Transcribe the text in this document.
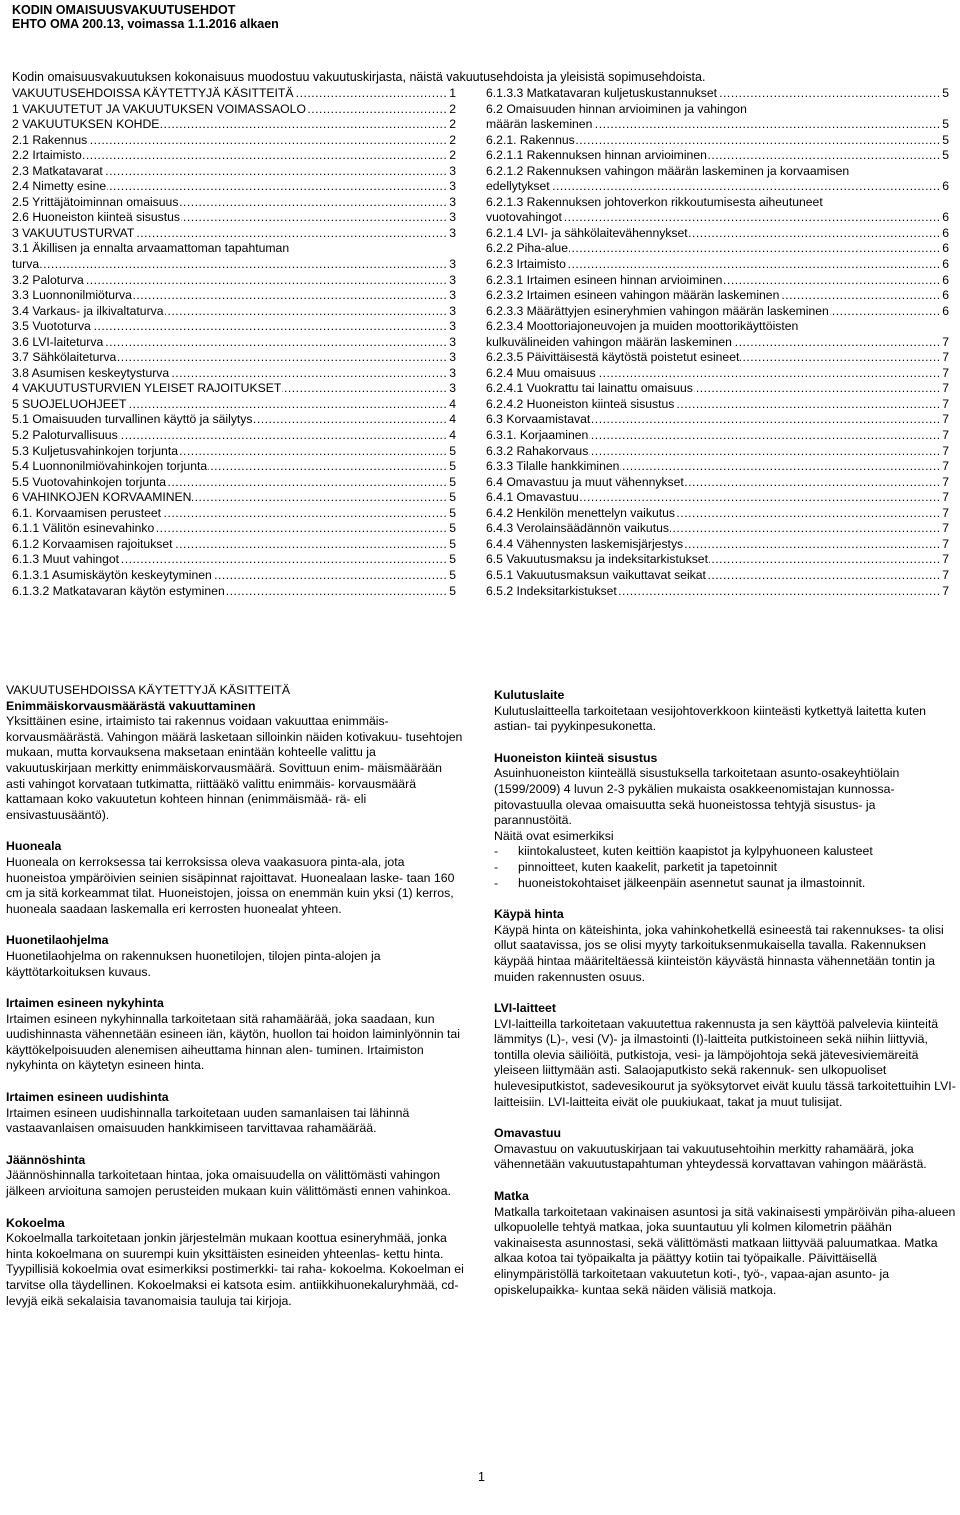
KODIN OMAISUUSVAKUUTUSEHDOT
EHTO OMA 200.13, voimassa 1.1.2016 alkaen
Kodin omaisuusvakuutuksen kokonaisuus muodostuu vakuutuskirjasta, näistä vakuutusehdoista ja yleisistä sopimusehdoista.
VAKUUTUSEHDOISSA KÄYTETTYJÄ KÄSITTEITÄ	1
.....
1 VAKUUTETUT JA VAKUUTUKSEN VOIMASSAOLO	2
.....
2 VAKUUTUKSEN KOHDE	2
.....
2.1 Rakennus	2
.....
2.2 Irtaimisto	2
.....
2.3 Matkatavarat	3
.....
2.4 Nimetty esine	3
.....
2.5 Yrittäjätoiminnan omaisuus	3
.....
2.6 Huoneiston kiinteä sisustus	3
.....
3 VAKUUTUSTURVAT	3
.....
3.1 Äkillisen ja ennalta arvaamattoman tapahtuman
turva	3
.....
3.2 Paloturva	3
.....
3.3 Luonnonilmiöturva	3
.....
3.4 Varkaus- ja ilkivaltaturva	3
.....
3.5 Vuototurva	3
.....
3.6 LVI-laiteturva	3
.....
3.7 Sähkölaiteturva	3
.....
3.8 Asumisen keskeytysturva	3
.....
4 VAKUUTUSTURVIEN YLEISET RAJOITUKSET	3
.....
5 SUOJELUOHJEET	4
.....
5.1 Omaisuuden turvallinen käyttö ja säilytys	4
.....
5.2 Paloturvallisuus	4
.....
5.3 Kuljetusvahinkojen torjunta	5
.....
5.4 Luonnonilmiövahinkojen torjunta	5
.....
5.5 Vuotovahinkojen torjunta	5
.....
6 VAHINKOJEN KORVAAMINEN	5
.....
6.1. Korvaamisen perusteet	5
.....
6.1.1 Välitön esinevahinko	5
.....
6.1.2 Korvaamisen rajoitukset	5
.....
6.1.3 Muut vahingot	5
.....
6.1.3.1 Asumiskäytön keskeytyminen	5
.....
6.1.3.2 Matkatavaran käytön estyminen	5
.....
6.1.3.3 Matkatavaran kuljetuskustannukset	5
.....
6.2 Omaisuuden hinnan arvioiminen ja vahingon
määrän laskeminen	5
.....
6.2.1. Rakennus	5
.....
6.2.1.1 Rakennuksen hinnan arvioiminen	5
.....
6.2.1.2 Rakennuksen vahingon määrän laskeminen ja korvaamisen
edellytykset	6
.....
6.2.1.3 Rakennuksen johtoverkon rikkoutumisesta aiheutuneet
vuotovahingot	6
.....
6.2.1.4 LVI- ja sähkölaitevähennykset	6
.....
6.2.2 Piha-alue	6
.....
6.2.3 Irtaimisto	6
.....
6.2.3.1 Irtaimen esineen hinnan arvioiminen	6
.....
6.2.3.2 Irtaimen esineen vahingon määrän laskeminen	6
.....
6.2.3.3 Määrättyjen esineryhmien vahingon määrän laskeminen	6
.....
6.2.3.4 Moottoriajoneuvojen ja muiden moottorikäyttöisten
kulkuvälineiden vahingon määrän laskeminen	7
.....
6.2.3.5 Päivittäisestä käytöstä poistetut esineet	7
.....
6.2.4 Muu omaisuus	7
.....
6.2.4.1 Vuokrattu tai lainattu omaisuus	7
.....
6.2.4.2 Huoneiston kiinteä sisustus	7
.....
6.3 Korvaamistavat	7
.....
6.3.1. Korjaaminen	7
.....
6.3.2 Rahakorvaus	7
.....
6.3.3 Tilalle hankkiminen	7
.....
6.4 Omavastuu ja muut vähennykset	7
.....
6.4.1 Omavastuu	7
.....
6.4.2 Henkilön menettelyn vaikutus	7
.....
6.4.3 Verolainsäädännön vaikutus	7
.....
6.4.4 Vähennysten laskemisjärjestys	7
.....
6.5 Vakuutusmaksu ja indeksitarkistukset	7
.....
6.5.1 Vakuutusmaksun vaikuttavat seikat	7
.....
6.5.2 Indeksitarkistukset	7
.....

VAKUUTUSEHDOISSA KÄYTETTYJÄ KÄSITTEITÄ

Enimmäiskorvausmäärästä vakuuttaminen

Yksittäinen esine, irtaimisto tai rakennus voidaan vakuuttaa enimmäis- korvausmäärästä. Vahingon määrä lasketaan silloinkin näiden kotivakuu- tusehtojen mukaan, mutta korvauksena maksetaan enintään kohteelle valittu ja vakuutuskirjaan merkitty enimmäiskorvausmäärä. Sovittuun enim- mäismäärään asti vahingot korvataan tutkimatta, riittääkö valittu enimmäis- korvausmäärä kattamaan koko vakuutetun kohteen hinnan (enimmäismää- rä- eli ensivastuusääntö).

Huoneala

Huoneala on kerroksessa tai kerroksissa oleva vaakasuora pinta-ala, jota huoneistoa ympäröivien seinien sisäpinnat rajoittavat. Huonealaan laske- taan 160 cm ja sitä korkeammat tilat. Huoneistojen, joissa on enemmän kuin yksi (1) kerros, huoneala saadaan laskemalla eri kerrosten huonealat yhteen.

Huonetilaohjelma

Huonetilaohjelma on rakennuksen huonetilojen, tilojen pinta-alojen ja käyttötarkoituksen kuvaus.

Irtaimen esineen nykyhinta

Irtaimen esineen nykyhinnalla tarkoitetaan sitä rahamäärää, joka saadaan, kun uudishinnasta vähennetään esineen iän, käytön, huollon tai hoidon laiminlyönnin tai käyttökelpoisuuden alenemisen aiheuttama hinnan alen- tuminen. Irtaimiston nykyhinta on käytetyn esineen hinta.

Irtaimen esineen uudishinta

Irtaimen esineen uudishinnalla tarkoitetaan uuden samanlaisen tai lähinnä vastaavanlaisen omaisuuden hankkimiseen tarvittavaa rahamäärää.

Jäännöshinta

Jäännöshinnalla tarkoitetaan hintaa, joka omaisuudella on välittömästi vahingon jälkeen arvioituna samojen perusteiden mukaan kuin välittömästi ennen vahinkoa.

Kokoelma

Kokoelmalla tarkoitetaan jonkin järjestelmän mukaan koottua esineryhmää, jonka hinta kokoelmana on suurempi kuin yksittäisten esineiden yhteenlas- kettu hinta. Tyypillisiä kokoelmia ovat esimerkiksi postimerkki- tai raha- kokoelma. Kokoelman ei tarvitse olla täydellinen. Kokoelmaksi ei katsota esim. antiikkihuonekaluryhmää, cd-levyjä eikä sekalaisia tavanomaisia tauluja tai kirjoja.

Kulutuslaite

Kulutuslaitteella tarkoitetaan vesijohtoverkkoon kiinteästi kytkettyä laitetta kuten astian- tai pyykinpesukonetta.

Huoneiston kiinteä sisustus

Asuinhuoneiston kiinteällä sisustuksella tarkoitetaan asunto-osakeyhtiölain (1599/2009) 4 luvun 2-3 pykälien mukaista osakkeenomistajan kunnossa- pitovastuulla olevaa omaisuutta sekä huoneistossa tehtyjä sisustus- ja parannustöitä.

Näitä ovat esimerkiksi

- kiintokalusteet, kuten keittiön kaapistot ja kylpyhuoneen kalusteet
- pinnoitteet, kuten kaakelit, parketit ja tapetoinnit
- huoneistokohtaiset jälkeenpäin asennetut saunat ja ilmastoinnit.
Käypä hinta

Käypä hinta on käteishinta, joka vahinkohetkellä esineestä tai rakennukses- ta olisi ollut saatavissa, jos se olisi myyty tarkoituksenmukaisella tavalla. Rakennuksen käypää hintaa määriteltäessä kiinteistön käyvästä hinnasta vähennetään tontin ja muiden rakennusten osuus.

LVI-laitteet

LVI-laitteilla tarkoitetaan vakuutettua rakennusta ja sen käyttöä palvelevia kiinteitä lämmitys (L)-, vesi (V)- ja ilmastointi (I)-laitteita putkistoineen sekä niihin liittyviä, tontilla olevia säiliöitä, putkistoja, vesi- ja lämpöjohtoja sekä jätevesiviemäreitä yleiseen liittymään asti. Salaojaputkisto sekä rakennuk- sen ulkopuoliset hulevesiputkistot, sadevesikourut ja syöksytorvet eivät kuulu tässä tarkoitettuihin LVI-laitteisiin. LVI-laitteita eivät ole puukiukaat, takat ja muut tulisijat.

Omavastuu

Omavastuu on vakuutuskirjaan tai vakuutusehtoihin merkitty rahamäärä, joka vähennetään vakuutustapahtuman yhteydessä korvattavan vahingon määrästä.

Matka

Matkalla tarkoitetaan vakinaisen asuntosi ja sitä vakinaisesti ympäröivän piha-alueen ulkopuolelle tehtyä matkaa, joka suuntautuu yli kolmen kilometrin päähän vakinaisesta asunnostasi, sekä välittömästi matkaan liittyvää paluumatkaa. Matka alkaa kotoa tai työpaikalta ja päättyy kotiin tai työpaikalle. Päivittäisellä elinympäristöllä tarkoitetaan vakuutetun koti-, työ-, vapaa-ajan asunto- ja opiskelupaikka- kuntaa sekä näiden välisiä matkoja.

1
